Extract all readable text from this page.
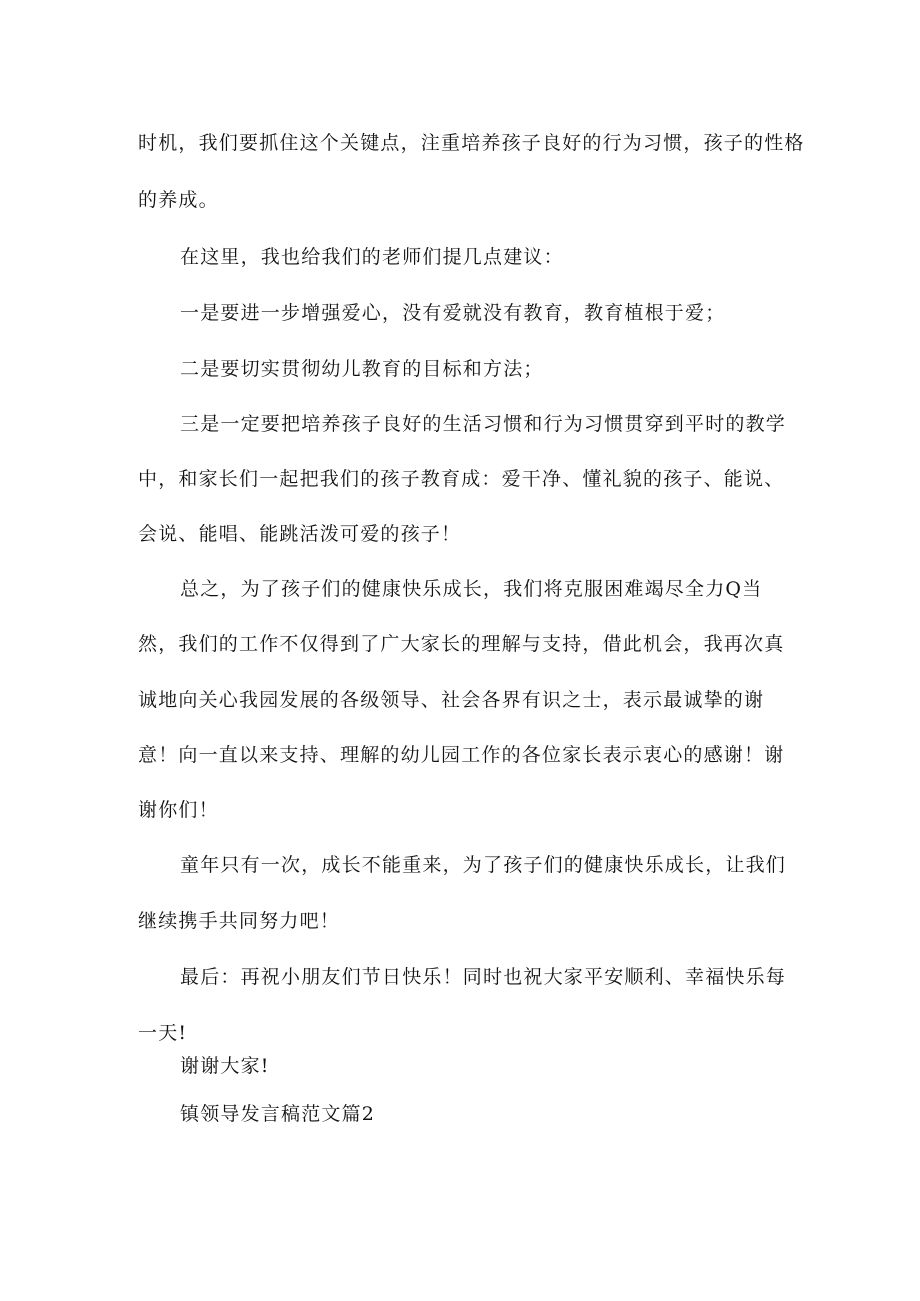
时机，我们要抓住这个关键点，注重培养孩子良好的行为习惯，孩子的性格
的养成。
在这里，我也给我们的老师们提几点建议：
一是要进一步增强爱心，没有爱就没有教育，教育植根于爱；
二是要切实贯彻幼儿教育的目标和方法；
三是一定要把培养孩子良好的生活习惯和行为习惯贯穿到平时的教学
中，和家长们一起把我们的孩子教育成：爱干净、懂礼貌的孩子、能说、
会说、能唱、能跳活泼可爱的孩子！
总之，为了孩子们的健康快乐成长，我们将克服困难竭尽全力Q当
然，我们的工作不仅得到了广大家长的理解与支持，借此机会，我再次真
诚地向关心我园发展的各级领导、社会各界有识之士，表示最诚挚的谢
意！向一直以来支持、理解的幼儿园工作的各位家长表示衷心的感谢！谢
谢你们！
童年只有一次，成长不能重来，为了孩子们的健康快乐成长，让我们
继续携手共同努力吧！
最后：再祝小朋友们节日快乐！同时也祝大家平安顺利、幸福快乐每
一天!
谢谢大家!
镇领导发言稿范文篇2
